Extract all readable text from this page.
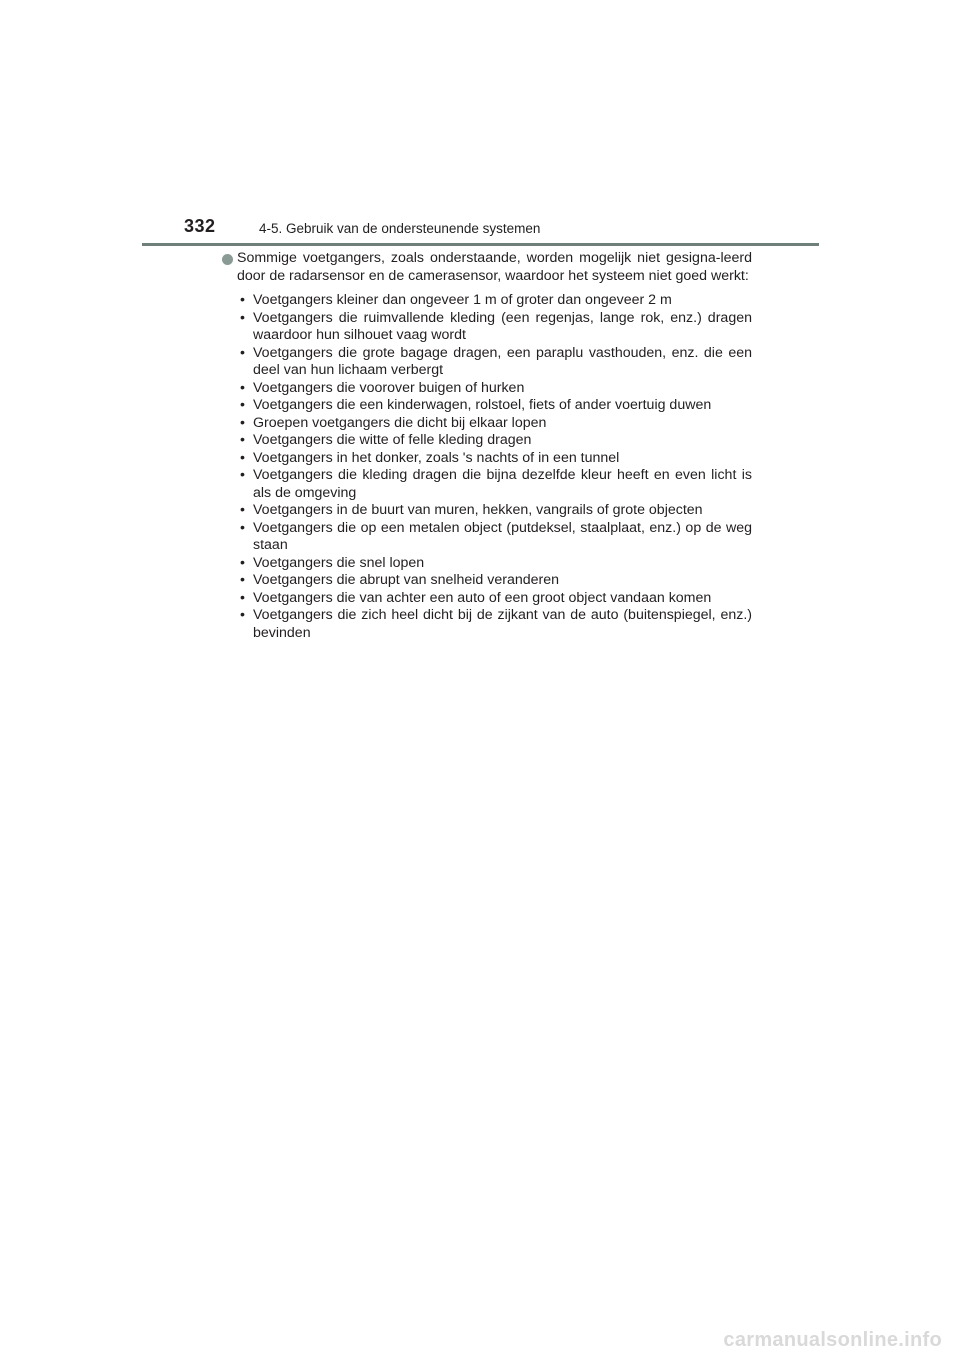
332	4-5. Gebruik van de ondersteunende systemen

Sommige voetgangers, zoals onderstaande, worden mogelijk niet gesigna-leerd door de radarsensor en de camerasensor, waardoor het systeem niet goed werkt:

• Voetgangers kleiner dan ongeveer 1 m of groter dan ongeveer 2 m
• Voetgangers die ruimvallende kleding (een regenjas, lange rok, enz.) dragen waardoor hun silhouet vaag wordt
• Voetgangers die grote bagage dragen, een paraplu vasthouden, enz. die een deel van hun lichaam verbergt
• Voetgangers die voorover buigen of hurken
• Voetgangers die een kinderwagen, rolstoel, fiets of ander voertuig duwen
• Groepen voetgangers die dicht bij elkaar lopen
• Voetgangers die witte of felle kleding dragen
• Voetgangers in het donker, zoals 's nachts of in een tunnel
• Voetgangers die kleding dragen die bijna dezelfde kleur heeft en even licht is als de omgeving
• Voetgangers in de buurt van muren, hekken, vangrails of grote objecten
• Voetgangers die op een metalen object (putdeksel, staalplaat, enz.) op de weg staan
• Voetgangers die snel lopen
• Voetgangers die abrupt van snelheid veranderen
• Voetgangers die van achter een auto of een groot object vandaan komen
• Voetgangers die zich heel dicht bij de zijkant van de auto (buitenspiegel, enz.) bevinden
carmanualsonline.info
